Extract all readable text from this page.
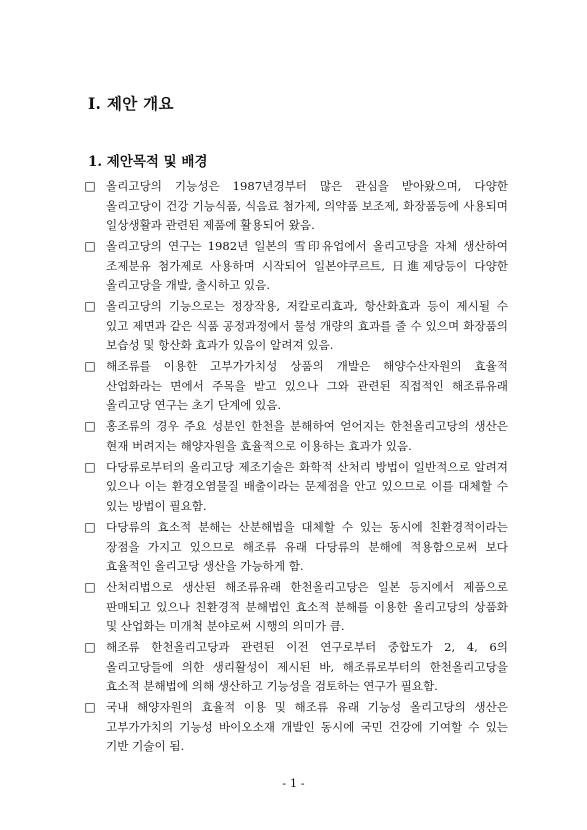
Ⅰ. 제안 개요
1. 제안목적 및 배경
□ 올리고당의 기능성은 1987년경부터 많은 관심을 받아왔으며, 다양한 올리고당이 건강 기능식품, 식음료 첨가제, 의약품 보조제, 화장품등에 사용되며 일상생활과 관련된 제품에 활용되어 왔음.
□ 올리고당의 연구는 1982년 일본의 雪印유업에서 올리고당을 자체 생산하여 조제분유 첨가제로 사용하며 시작되어 일본야쿠르트, 日進제당등이 다양한 올리고당을 개발, 출시하고 있음.
□ 올리고당의 기능으로는 정장작용, 저칼로리효과, 항산화효과 등이 제시될 수 있고 제면과 같은 식품 공정과정에서 물성 개량의 효과를 줄 수 있으며 화장품의 보습성 및 항산화 효과가 있음이 알려져 있음.
□ 해조류를 이용한 고부가가치성 상품의 개발은 해양수산자원의 효율적 산업화라는 면에서 주목을 받고 있으나 그와 관련된 직접적인 해조류유래 올리고당 연구는 초기 단계에 있음.
□ 홍조류의 경우 주요 성분인 한천을 분해하여 얻어지는 한천올리고당의 생산은 현재 버려지는 해양자원을 효율적으로 이용하는 효과가 있음.
□ 다당류로부터의 올리고당 제조기술은 화학적 산처리 방법이 일반적으로 알려져 있으나 이는 환경오염물질 배출이라는 문제점을 안고 있으므로 이를 대체할 수 있는 방법이 필요함.
□ 다당류의 효소적 분해는 산분해법을 대체할 수 있는 동시에 친환경적이라는 장점을 가지고 있으므로 해조류 유래 다당류의 분해에 적용함으로써 보다 효율적인 올리고당 생산을 가능하게 함.
□ 산처리법으로 생산된 해조류유래 한천올리고당은 일본 등지에서 제품으로 판매되고 있으나 친환경적 분해법인 효소적 분해를 이용한 올리고당의 상품화 및 산업화는 미개척 분야로써 시행의 의미가 큼.
□ 해조류 한천올리고당과 관련된 이전 연구로부터 중합도가 2, 4, 6의 올리고당들에 의한 생리활성이 제시된 바, 해조류로부터의 한천올리고당을 효소적 분해법에 의해 생산하고 기능성을 검토하는 연구가 필요함.
□ 국내 해양자원의 효율적 이용 및 해조류 유래 기능성 올리고당의 생산은 고부가가치의 기능성 바이오소재 개발인 동시에 국민 건강에 기여할 수 있는 기반 기술이 됨.
- 1 -
